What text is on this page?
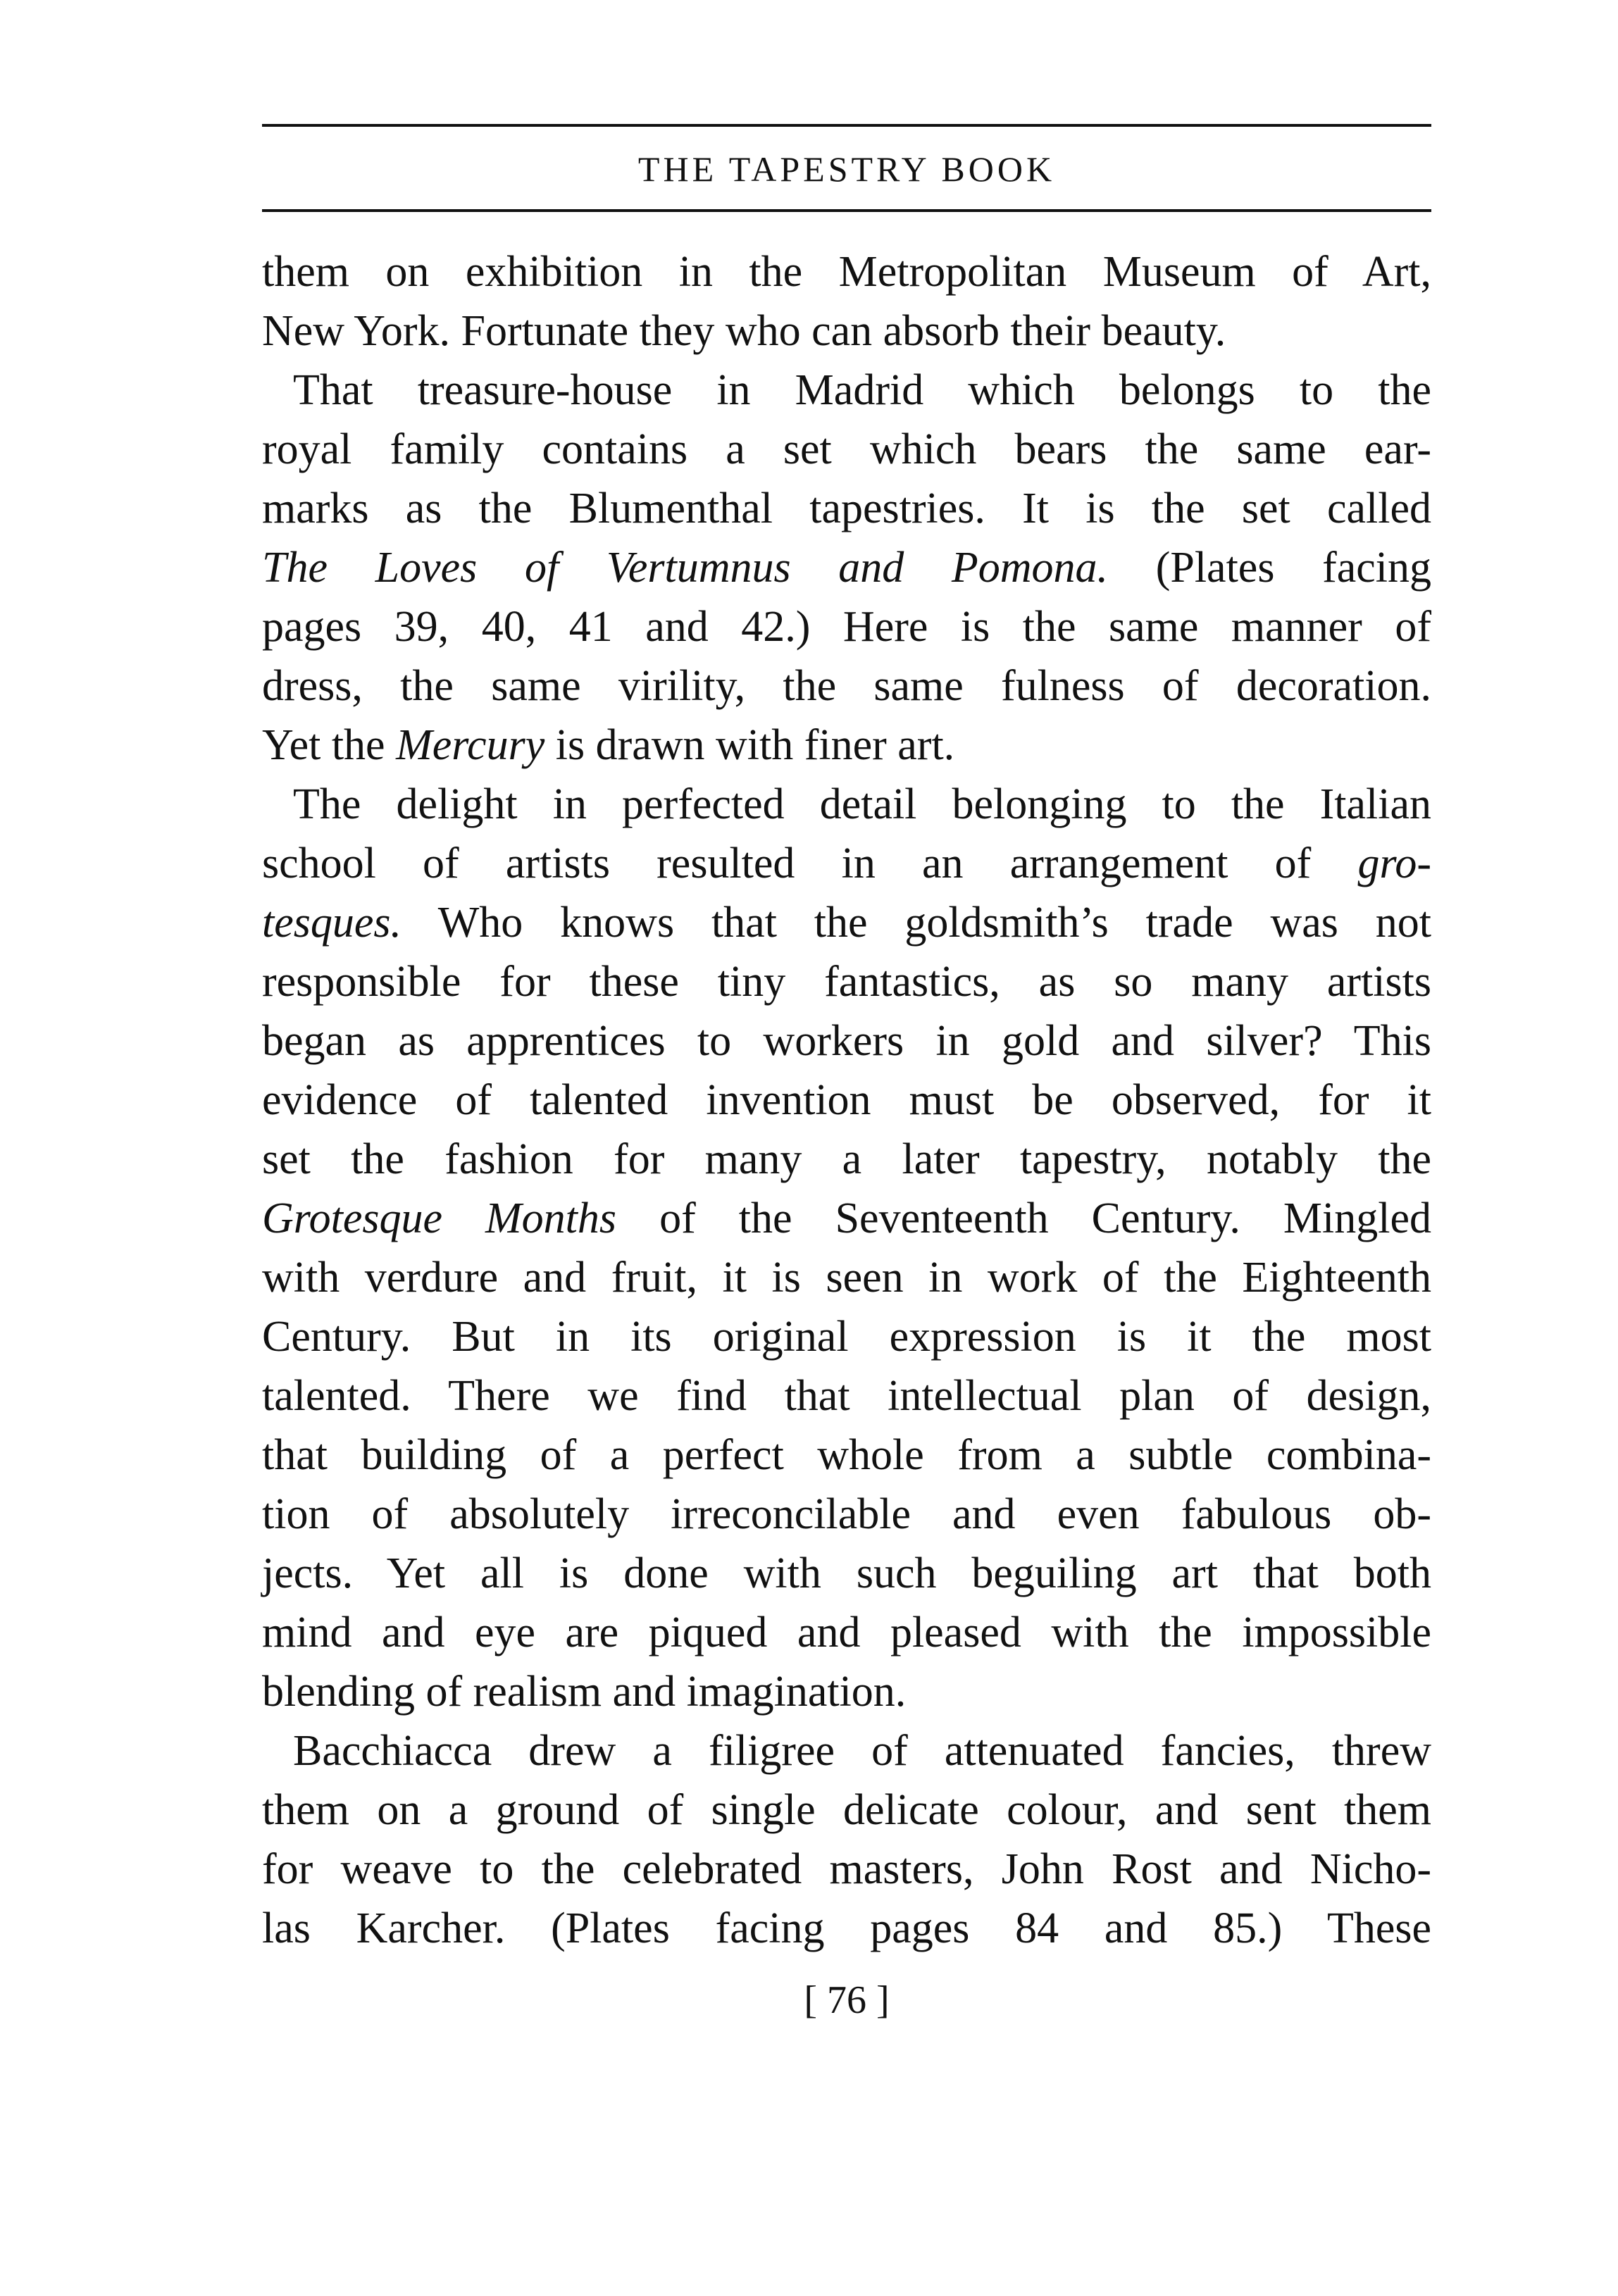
THE TAPESTRY BOOK
them on exhibition in the Metropolitan Museum of Art,
New York. Fortunate they who can absorb their beauty.
That treasure-house in Madrid which belongs to the
royal family contains a set which bears the same ear-
marks as the Blumenthal tapestries. It is the set called
The Loves of Vertumnus and Pomona. (Plates facing
pages 39, 40, 41 and 42.) Here is the same manner of
dress, the same virility, the same fulness of decoration.
Yet the Mercury is drawn with finer art.
The delight in perfected detail belonging to the Italian
school of artists resulted in an arrangement of gro-
tesques. Who knows that the goldsmith’s trade was not
responsible for these tiny fantastics, as so many artists
began as apprentices to workers in gold and silver? This
evidence of talented invention must be observed, for it
set the fashion for many a later tapestry, notably the
Grotesque Months of the Seventeenth Century. Mingled
with verdure and fruit, it is seen in work of the Eighteenth
Century. But in its original expression is it the most
talented. There we find that intellectual plan of design,
that building of a perfect whole from a subtle combina-
tion of absolutely irreconcilable and even fabulous ob-
jects. Yet all is done with such beguiling art that both
mind and eye are piqued and pleased with the impossible
blending of realism and imagination.
Bacchiacca drew a filigree of attenuated fancies, threw
them on a ground of single delicate colour, and sent them
for weave to the celebrated masters, John Rost and Nicho-
las Karcher. (Plates facing pages 84 and 85.) These
[ 76 ]
